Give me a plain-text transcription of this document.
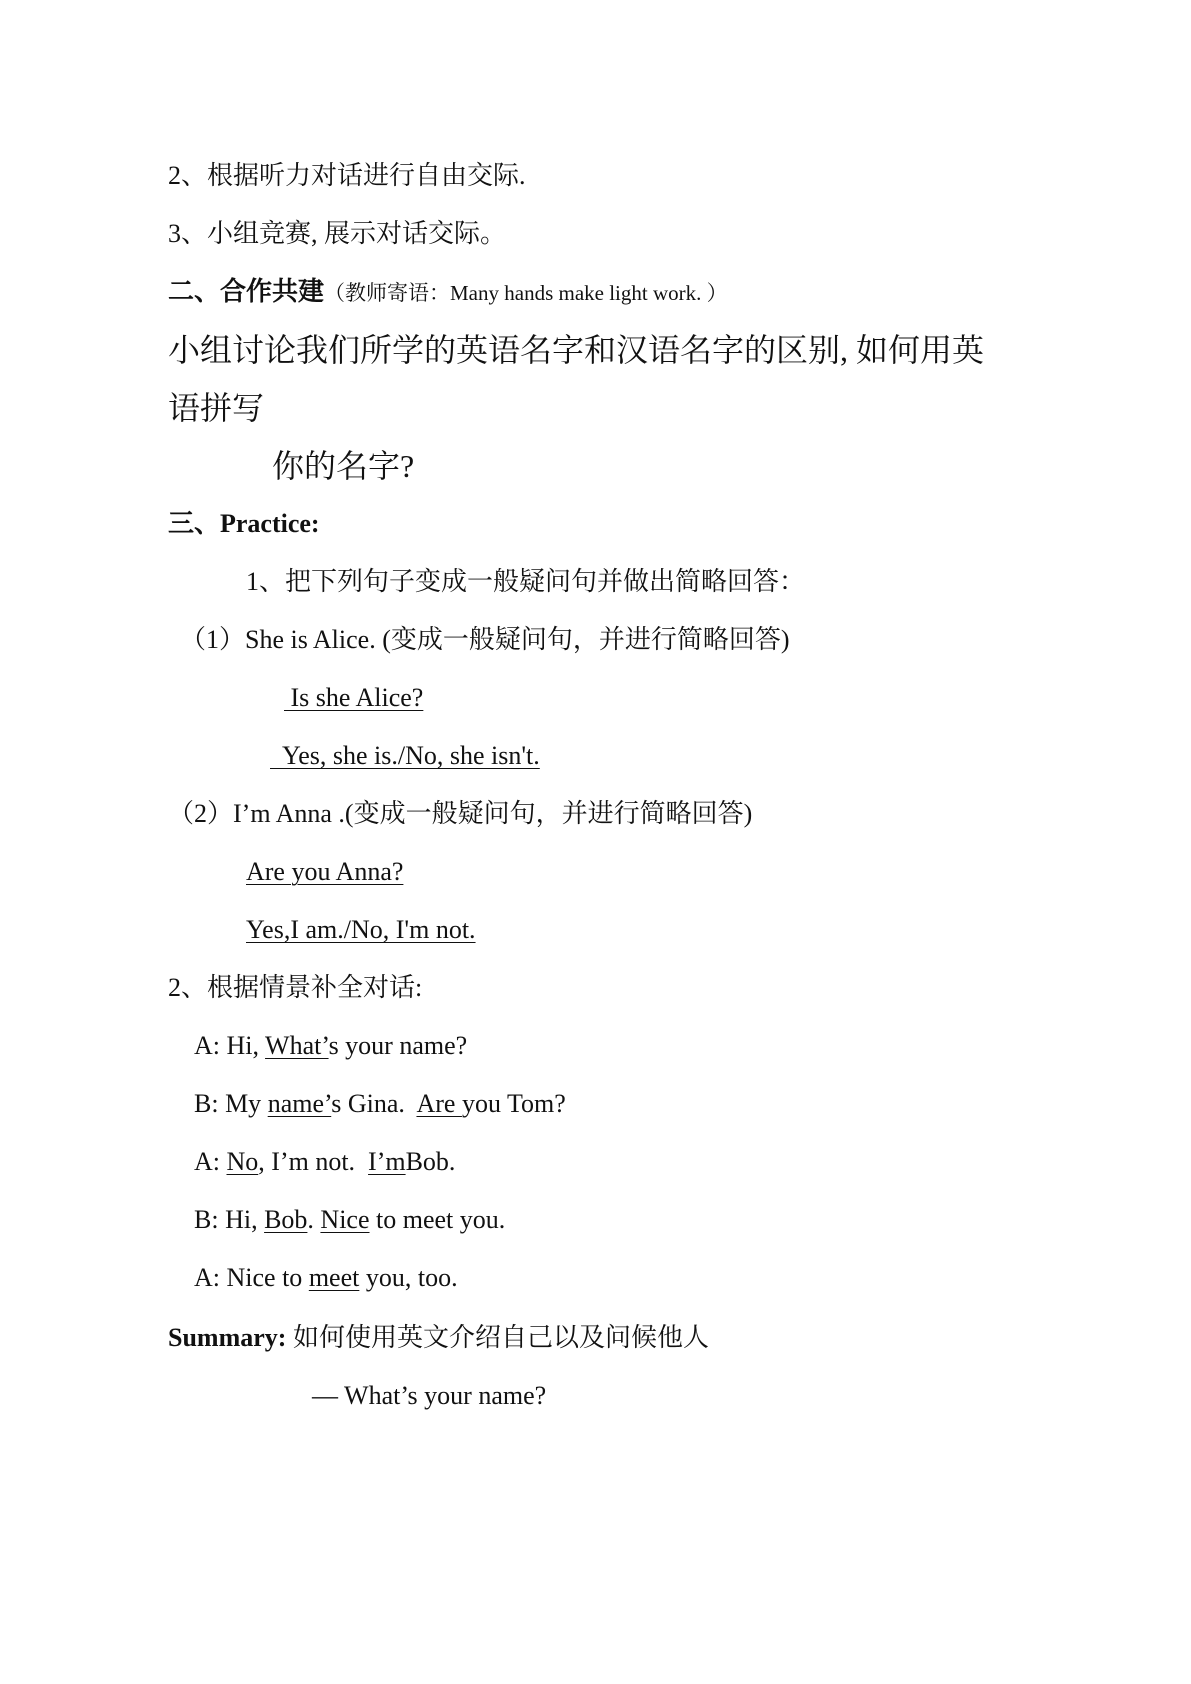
2、根据听力对话进行自由交际.
3、小组竞赛, 展示对话交际。
二、合作共建（教师寄语：Many hands make light work. ）
小组讨论我们所学的英语名字和汉语名字的区别, 如何用英
语拼写
你的名字?
三、Practice:
1、把下列句子变成一般疑问句并做出简略回答：
（1）She is Alice. (变成一般疑问句，并进行简略回答)
Is she Alice?
Yes, she is./No, she isn't.
（2）I’m Anna .(变成一般疑问句，并进行简略回答)
Are you Anna?
Yes,I am./No, I'm not.
2、根据情景补全对话:
A: Hi, What’s your name?
B: My name’s Gina.  Are you Tom?
A: No, I’m not.  I’mBob.
B: Hi, Bob. Nice to meet you.
A: Nice to meet you, too.
Summary: 如何使用英文介绍自己以及问候他人
— What’s your name?
